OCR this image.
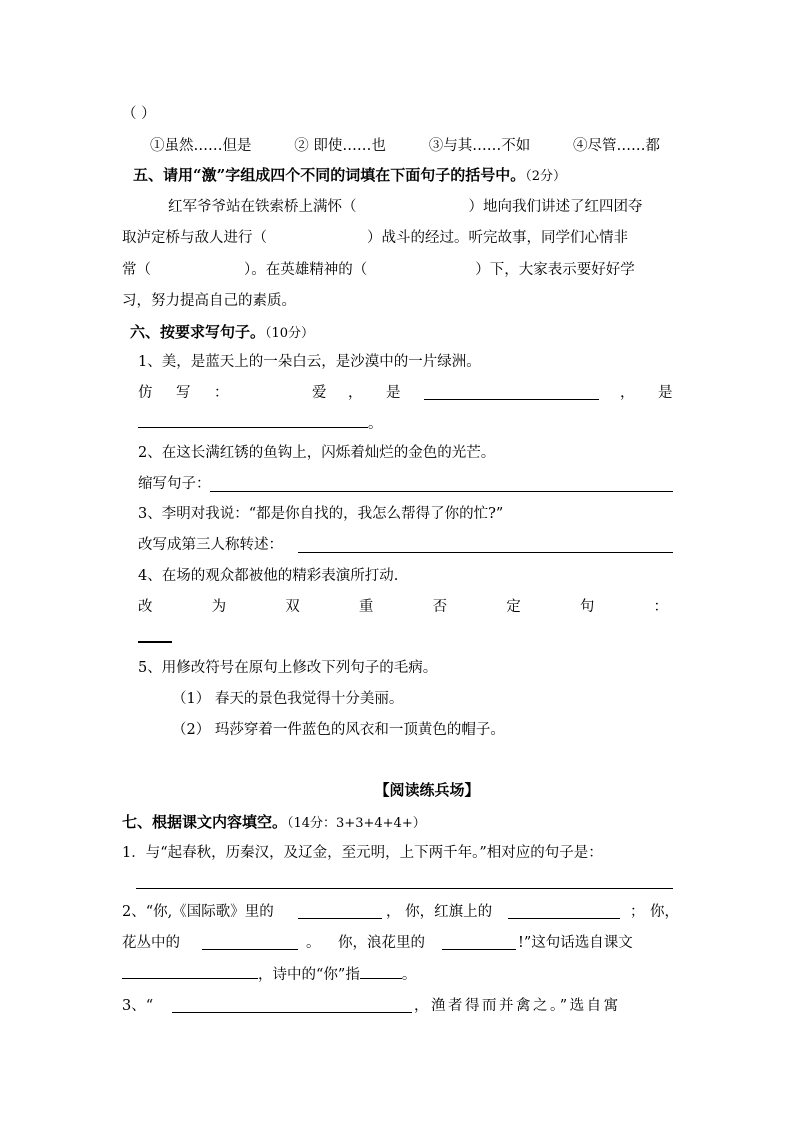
（ ）
①虽然……但是	② 即使……也	③与其……不如	④尽管……都
五、请用“激”字组成四个不同的词填在下面句子的括号中。（2分）
红军爷爷站在铁索桥上满怀（	）地向我们讲述了红四团夺
取泸定桥与敌人进行（	）战斗的经过。听完故事，同学们心情非
常（	）。在英雄精神的（	）下，大家表示要好好学
习，努力提高自己的素质。
六、按要求写句子。（10分）
1、美，是蓝天上的一朵白云，是沙漠中的一片绿洲。
仿 写 ：	爱 ， 是	， 是
。
2、在这长满红锈的鱼钩上，闪烁着灿烂的金色的光芒。
缩写句子：
3、李明对我说：“都是你自找的，我怎么帮得了你的忙?”
改写成第三人称转述：
4、在场的观众都被他的精彩表演所打动.
改	为	双	重	否	定	句	：
5、用修改符号在原句上修改下列句子的毛病。
（1） 春天的景色我觉得十分美丽。
（2） 玛莎穿着一件蓝色的风衣和一顶黄色的帽子。
【阅读练兵场】
七、根据课文内容填空。（14分：3+3+4+4+）
1．与“起春秋，历秦汉，及辽金，至元明，上下两千年。”相对应的句子是：
2、“你,《国际歌》里的	， 你，红旗上的	； 你，
花丛中的	。 你，浪花里的	!”这句话选自课文
，诗中的“你”指	。
3、“	，渔者得而并禽之。”选自寓
